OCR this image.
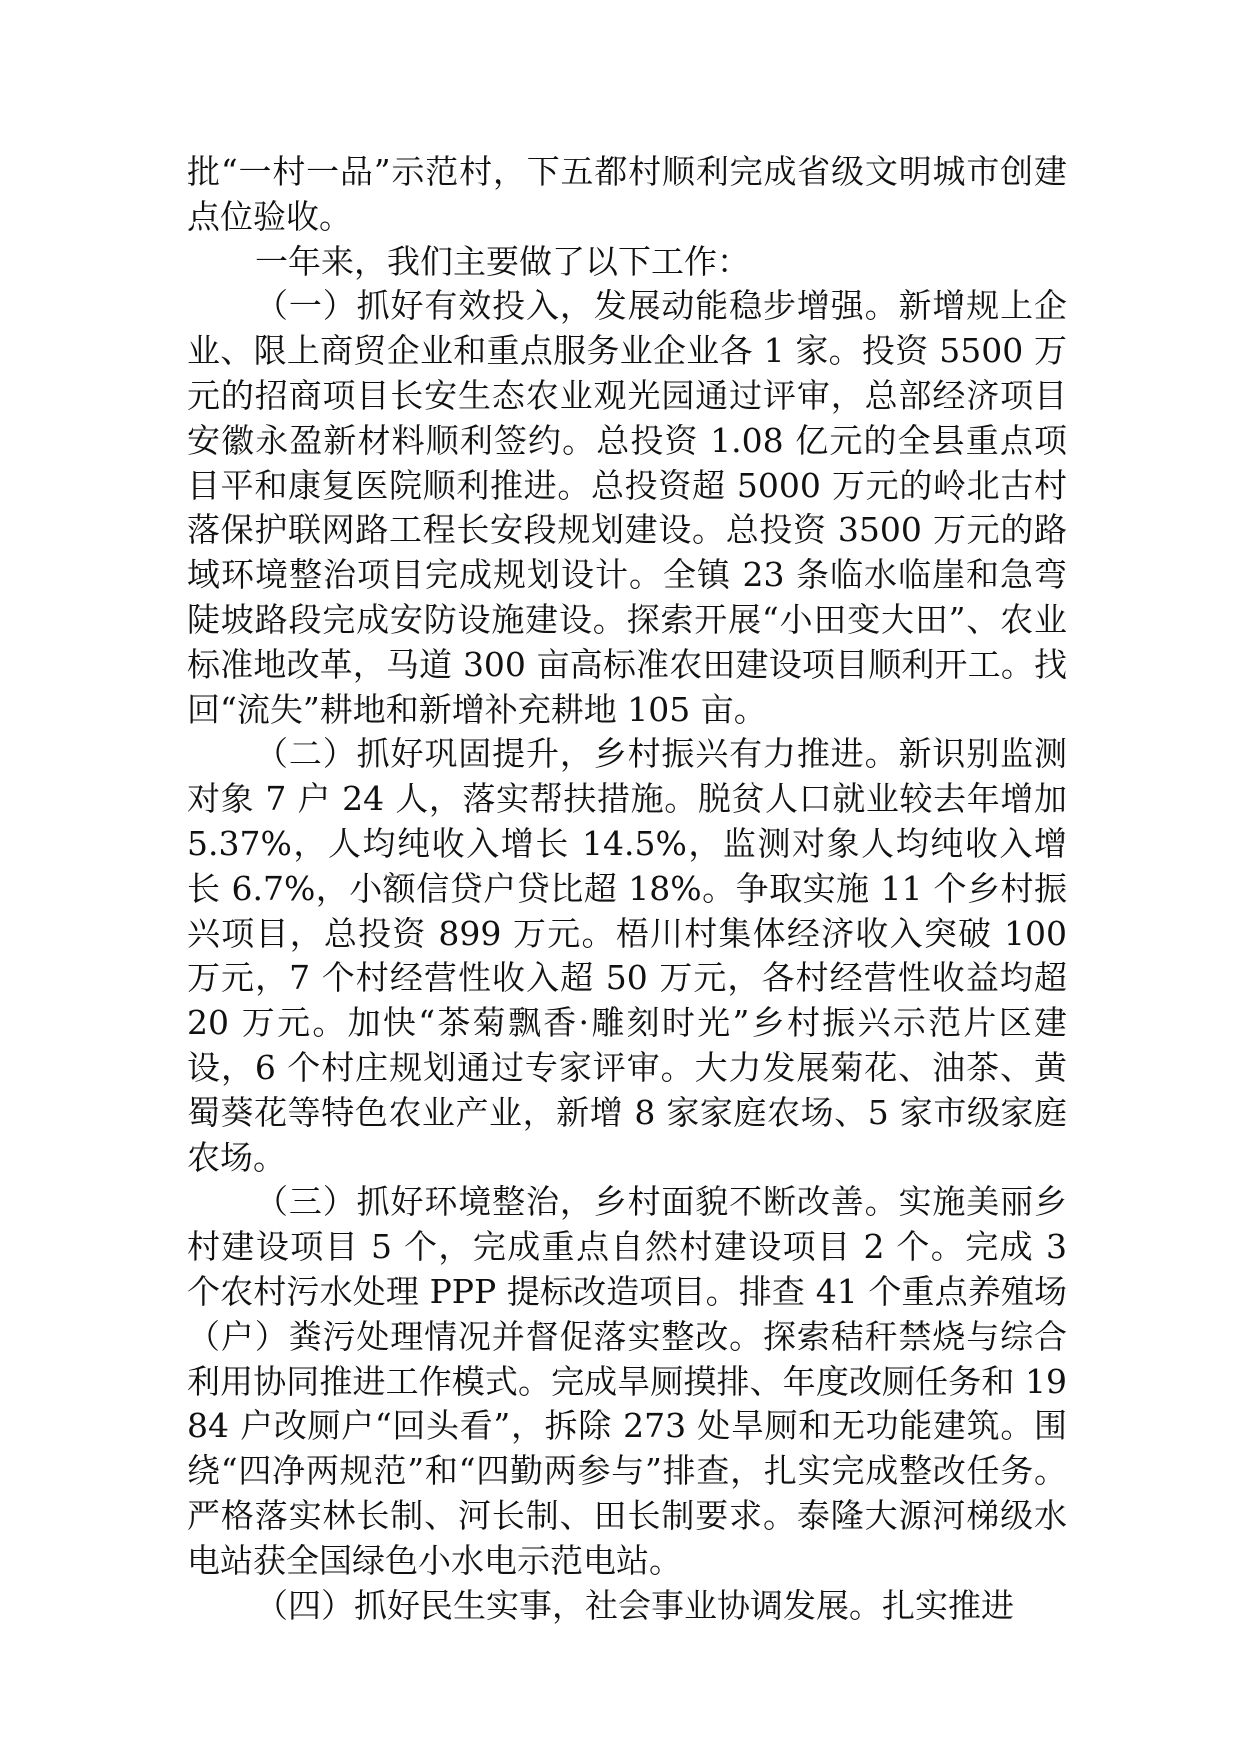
批“一村一品”示范村，下五都村顺利完成省级文明城市创建点位验收。

一年来，我们主要做了以下工作：

（一）抓好有效投入，发展动能稳步增强。新增规上企业、限上商贸企业和重点服务业企业各 1 家。投资 5500 万元的招商项目长安生态农业观光园通过评审，总部经济项目安徽永盈新材料顺利签约。总投资 1.08 亿元的全县重点项目平和康复医院顺利推进。总投资超 5000 万元的岭北古村落保护联网路工程长安段规划建设。总投资 3500 万元的路域环境整治项目完成规划设计。全镇 23 条临水临崖和急弯陡坡路段完成安防设施建设。探索开展“小田变大田”、农业标准地改革，马道 300 亩高标准农田建设项目顺利开工。找回“流失”耕地和新增补充耕地 105 亩。

（二）抓好巩固提升，乡村振兴有力推进。新识别监测对象 7 户 24 人，落实帮扶措施。脱贫人口就业较去年增加 5.37%，人均纯收入增长 14.5%，监测对象人均纯收入增长 6.7%，小额信贷户贷比超 18%。争取实施 11 个乡村振兴项目，总投资 899 万元。梧川村集体经济收入突破 100 万元，7 个村经营性收入超 50 万元，各村经营性收益均超 20 万元。加快“茶菊飘香·雕刻时光”乡村振兴示范片区建设，6 个村庄规划通过专家评审。大力发展菊花、油茶、黄蜀葵花等特色农业产业，新增 8 家家庭农场、5 家市级家庭农场。

（三）抓好环境整治，乡村面貌不断改善。实施美丽乡村建设项目 5 个，完成重点自然村建设项目 2 个。完成 3 个农村污水处理 PPP 提标改造项目。排查 41 个重点养殖场（户）粪污处理情况并督促落实整改。探索秸秆禁烧与综合利用协同推进工作模式。完成旱厕摸排、年度改厕任务和 1984 户改厕户“回头看”，拆除 273 处旱厕和无功能建筑。围绕“四净两规范”和“四勤两参与”排查，扎实完成整改任务。严格落实林长制、河长制、田长制要求。泰隆大源河梯级水电站获全国绿色小水电示范电站。

（四）抓好民生实事，社会事业协调发展。扎实推进
